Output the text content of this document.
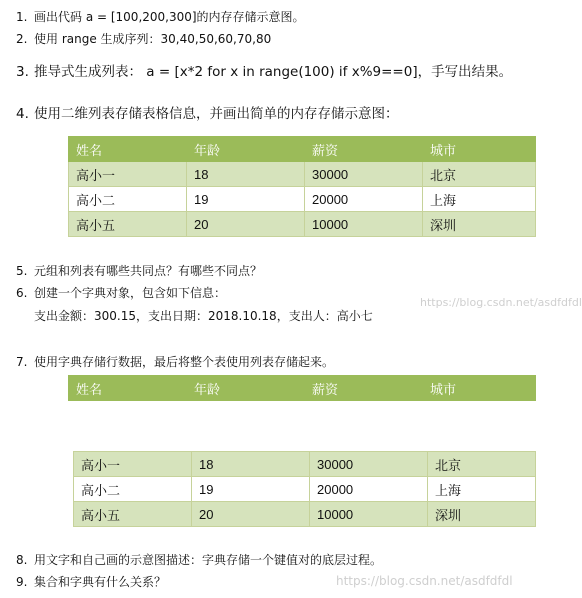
1. 画出代码 a = [100,200,300]的内存存储示意图。
2. 使用 range 生成序列：30,40,50,60,70,80
3. 推导式生成列表： a = [x*2 for x in range(100) if x%9==0]，手写出结果。
4. 使用二维列表存储表格信息，并画出简单的内存存储示意图：
姓名	年龄	薪资	城市
高小一	18	30000	北京
高小二	19	20000	上海
高小五	20	10000	深圳
5. 元组和列表有哪些共同点？有哪些不同点？
6. 创建一个字典对象，包含如下信息：
支出金额：300.15，支出日期：2018.10.18，支出人：高小七
https://blog.csdn.net/asdfdfdl
7. 使用字典存储行数据，最后将整个表使用列表存储起来。
姓名	年龄	薪资	城市
高小一	18	30000	北京
高小二	19	20000	上海
高小五	20	10000	深圳
8. 用文字和自己画的示意图描述：字典存储一个键值对的底层过程。
9. 集合和字典有什么关系？	https://blog.csdn.net/asdfdfdl
